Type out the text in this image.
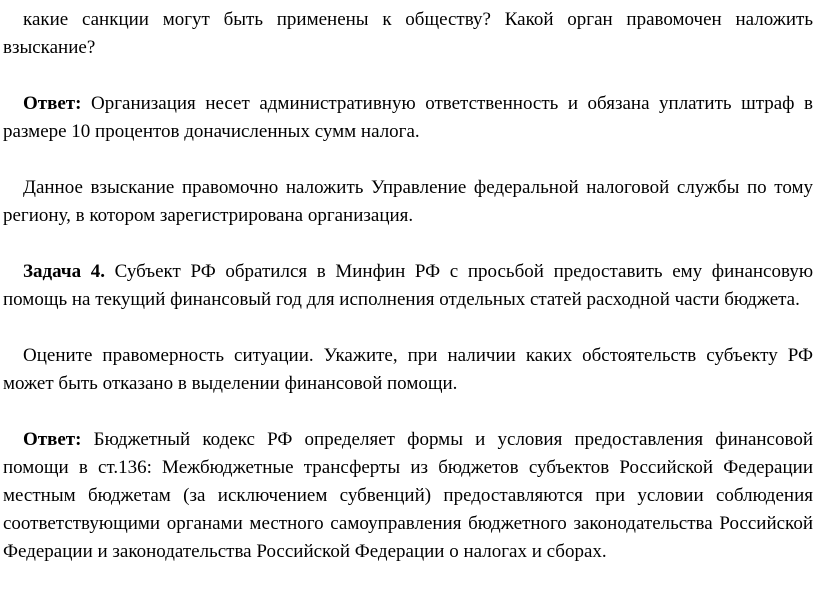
какие санкции могут быть применены к обществу? Какой орган правомочен наложить взыскание?

Ответ: Организация несет административную ответственность и обязана уплатить штраф в размере 10 процентов доначисленных сумм налога.

Данное взыскание правомочно наложить Управление федеральной налоговой службы по тому региону, в котором зарегистрирована организация.

Задача 4. Субъект РФ обратился в Минфин РФ с просьбой предоставить ему финансовую помощь на текущий финансовый год для исполнения отдельных статей расходной части бюджета.

Оцените правомерность ситуации. Укажите, при наличии каких обстоятельств субъекту РФ может быть отказано в выделении финансовой помощи.

Ответ: Бюджетный кодекс РФ определяет формы и условия предоставления финансовой помощи в ст.136: Межбюджетные трансферты из бюджетов субъектов Российской Федерации местным бюджетам (за исключением субвенций) предоставляются при условии соблюдения соответствующими органами местного самоуправления бюджетного законодательства Российской Федерации и законодательства Российской Федерации о налогах и сборах.
